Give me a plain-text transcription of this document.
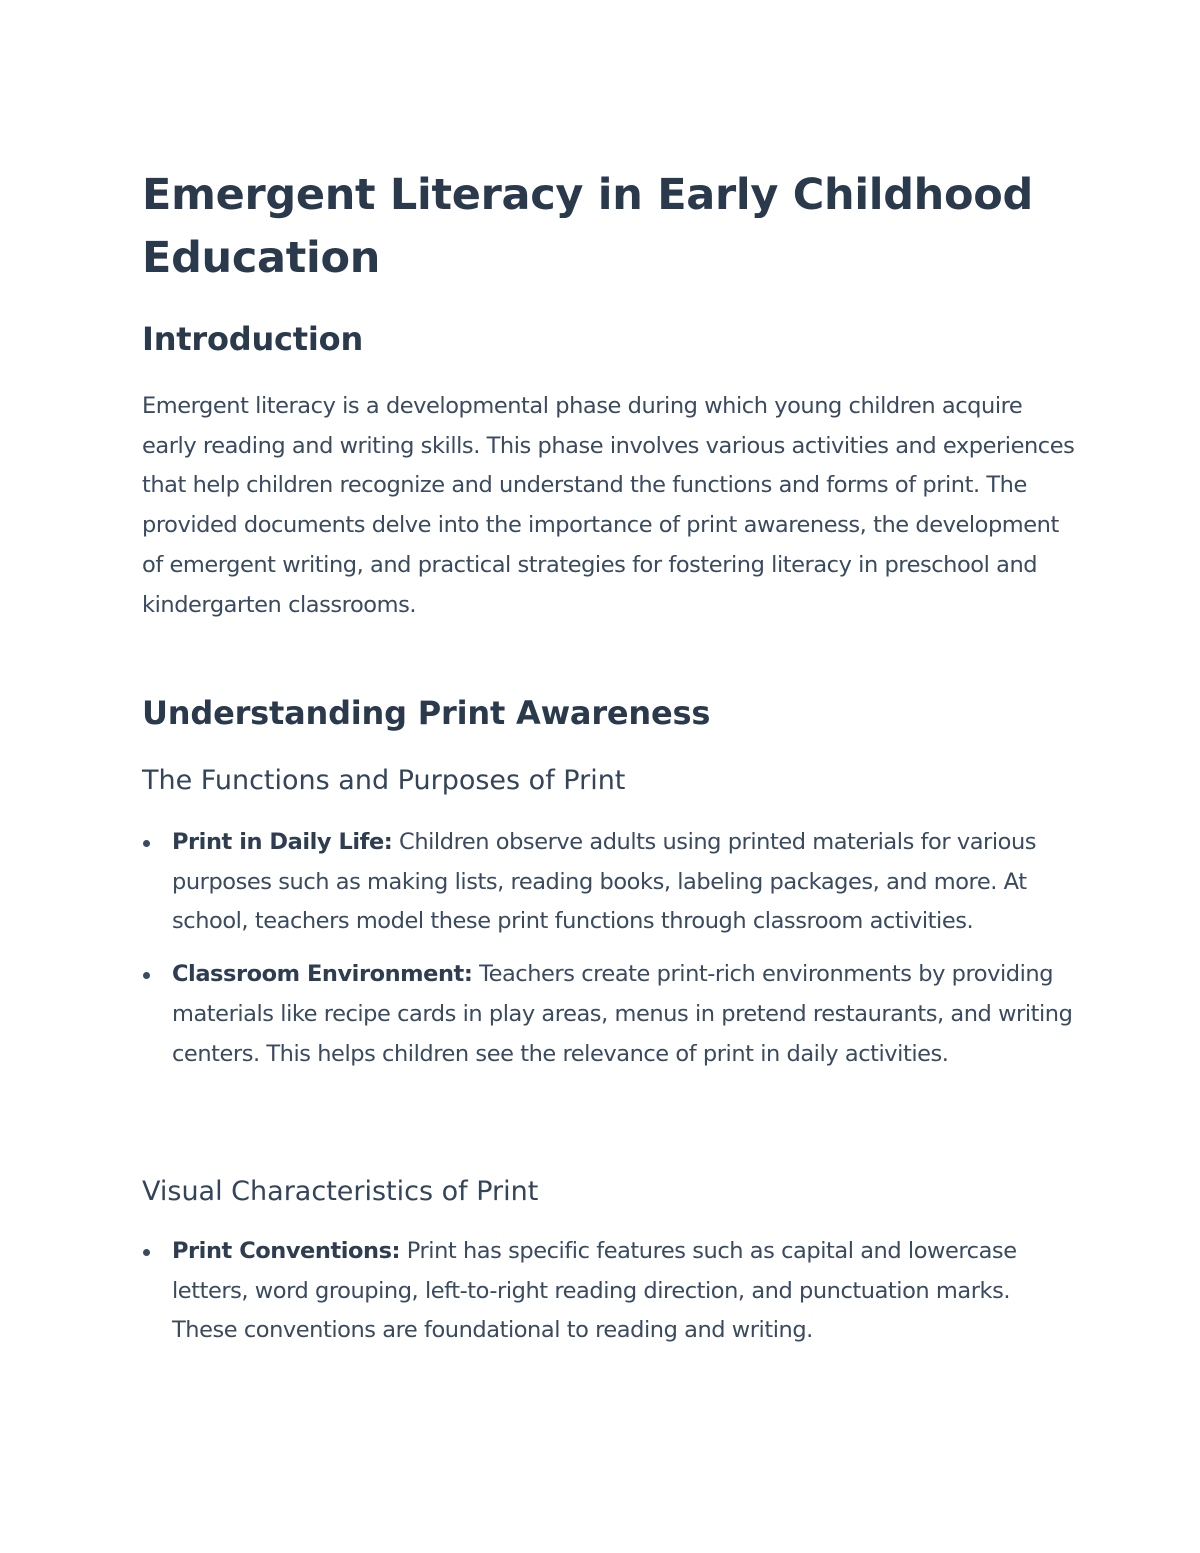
Emergent Literacy in Early Childhood Education
Introduction

Emergent literacy is a developmental phase during which young children acquire early reading and writing skills. This phase involves various activities and experiences that help children recognize and understand the functions and forms of print. The provided documents delve into the importance of print awareness, the development of emergent writing, and practical strategies for fostering literacy in preschool and kindergarten classrooms.

Understanding Print Awareness
The Functions and Purposes of Print
Print in Daily Life: Children observe adults using printed materials for various purposes such as making lists, reading books, labeling packages, and more. At school, teachers model these print functions through classroom activities.
Classroom Environment: Teachers create print-rich environments by providing materials like recipe cards in play areas, menus in pretend restaurants, and writing centers. This helps children see the relevance of print in daily activities.
Visual Characteristics of Print
Print Conventions: Print has specific features such as capital and lowercase letters, word grouping, left-to-right reading direction, and punctuation marks. These conventions are foundational to reading and writing.
